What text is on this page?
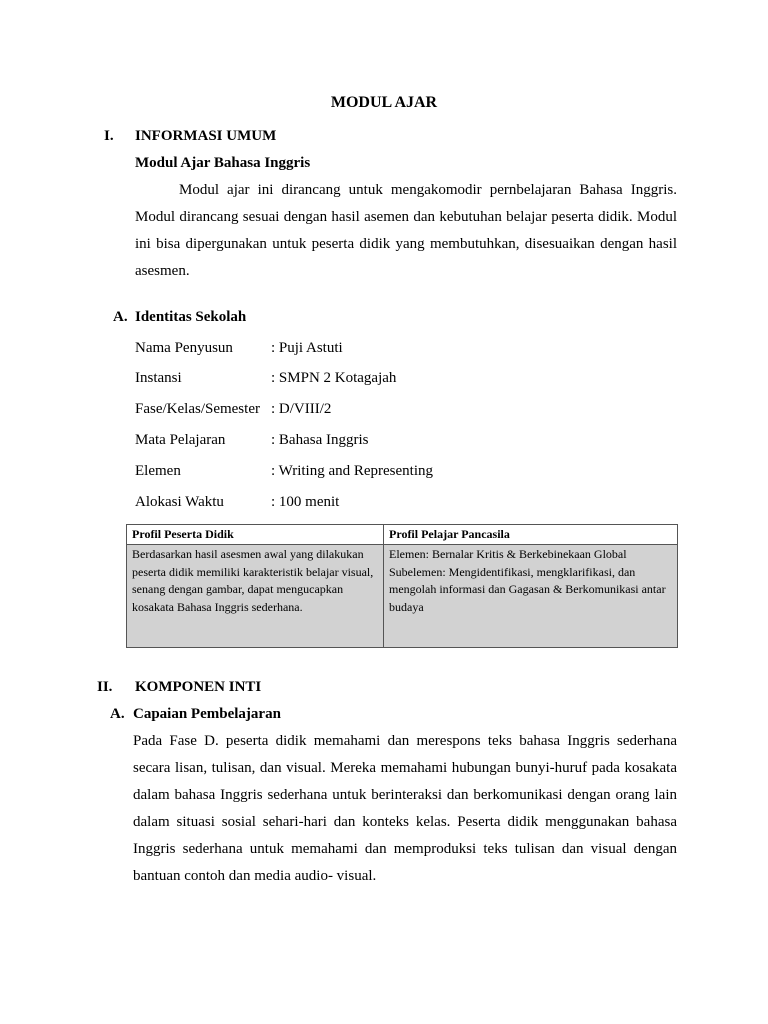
MODUL AJAR
I. INFORMASI UMUM
Modul Ajar Bahasa Inggris
Modul ajar ini dirancang untuk mengakomodir pernbelajaran Bahasa Inggris. Modul dirancang sesuai dengan hasil asemen dan kebutuhan belajar peserta didik. Modul ini bisa dipergunakan untuk peserta didik yang membutuhkan, disesuaikan dengan hasil asesmen.
A. Identitas Sekolah
Nama Penyusun	: Puji Astuti
Instansi	: SMPN 2 Kotagajah
Fase/Kelas/Semester : D/VIII/2
Mata Pelajaran	: Bahasa Inggris
Elemen	: Writing and Representing
Alokasi Waktu	: 100 menit
Profil Peserta Didik	Profil Pelajar Pancasila
Berdasarkan hasil asesmen awal yang dilakukan peserta didik memiliki karakteristik belajar visual, senang dengan gambar, dapat mengucapkan kosakata Bahasa Inggris sederhana.	Elemen: Bernalar Kritis & Berkebinekaan Global Subelemen: Mengidentifikasi, mengklarifikasi, dan mengolah informasi dan Gagasan & Berkomunikasi antar budaya
II. KOMPONEN INTI
A. Capaian Pembelajaran
Pada Fase D. peserta didik memahami dan merespons teks bahasa Inggris sederhana secara lisan, tulisan, dan visual. Mereka memahami hubungan bunyi-huruf pada kosakata dalam bahasa Inggris sederhana untuk berinteraksi dan berkomunikasi dengan orang lain dalam situasi sosial sehari-hari dan konteks kelas. Peserta didik menggunakan bahasa Inggris sederhana untuk memahami dan memproduksi teks tulisan dan visual dengan bantuan contoh dan media audio- visual.
